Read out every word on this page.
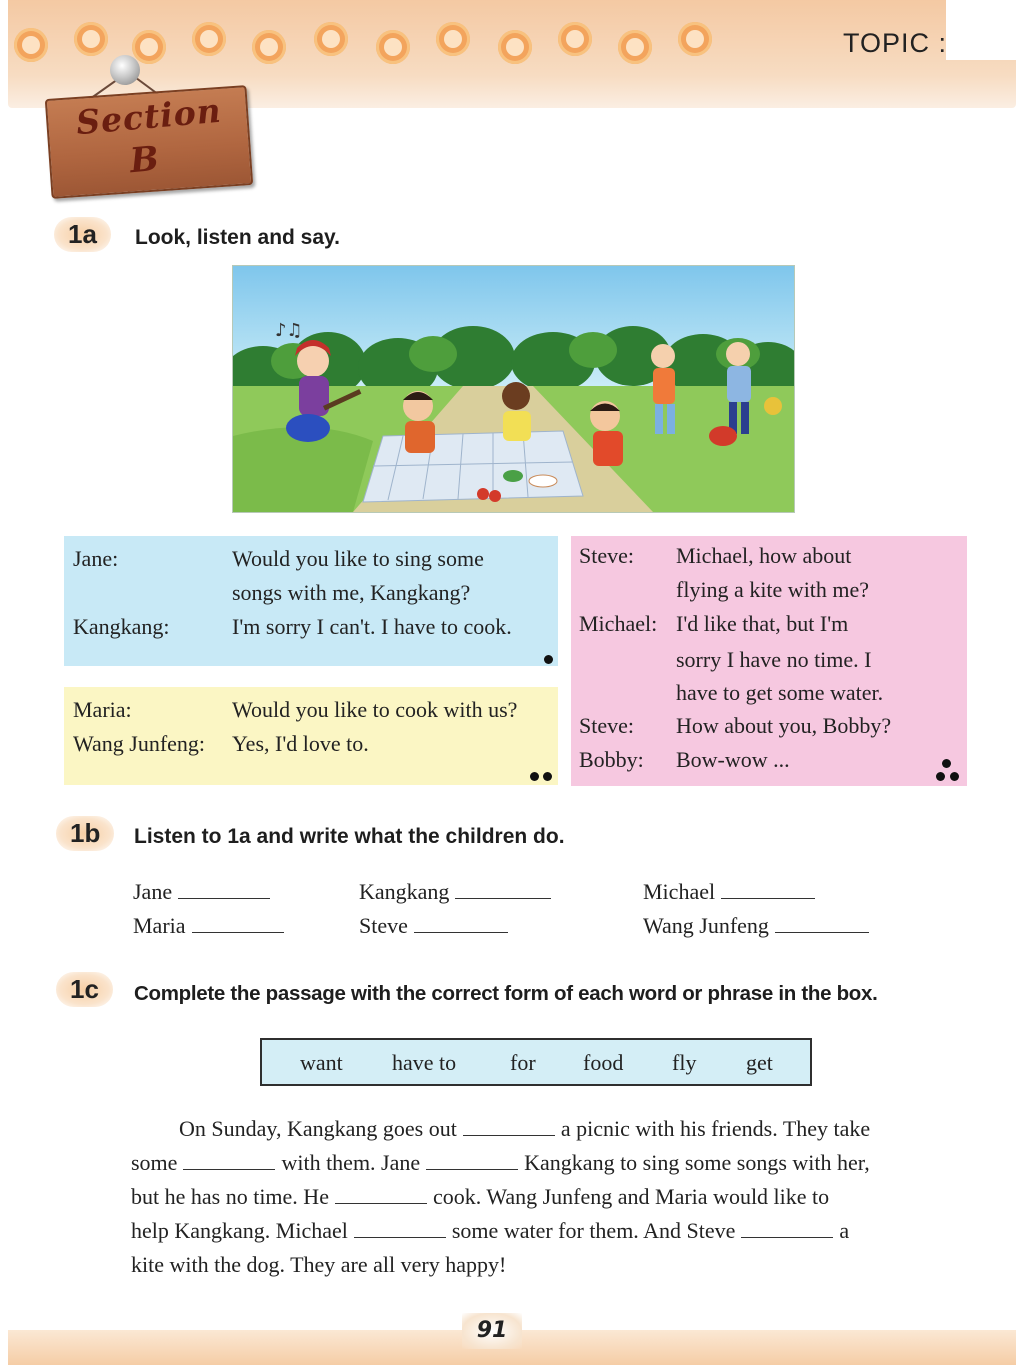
TOPIC :
Section
B
1a	Look, listen and say.
♪♫
Jane:	Would you like to sing some
songs with me, Kangkang?
Kangkang:	I'm sorry I can't. I have to cook.
Maria:	Would you like to cook with us?
Wang Junfeng: Yes, I'd love to.
Steve: Michael, how about
flying a kite with me?
Michael: I'd like that, but I'm
sorry I have no time. I
have to get some water.
Steve: How about you, Bobby?
Bobby: Bow-wow ...
1b	Listen to 1a and write what the children do.
Jane	Kangkang	Michael
Maria	Steve	Wang Junfeng
1c	Complete the passage with the correct form of each word or phrase in the box.
want have to for food fly get
On Sunday, Kangkang goes out	a picnic with his friends. They take
some	with them. Jane	Kangkang to sing some songs with her,
but he has no time. He	cook. Wang Junfeng and Maria would like to
help Kangkang. Michael	some water for them. And Steve	a
kite with the dog. They are all very happy!
91
